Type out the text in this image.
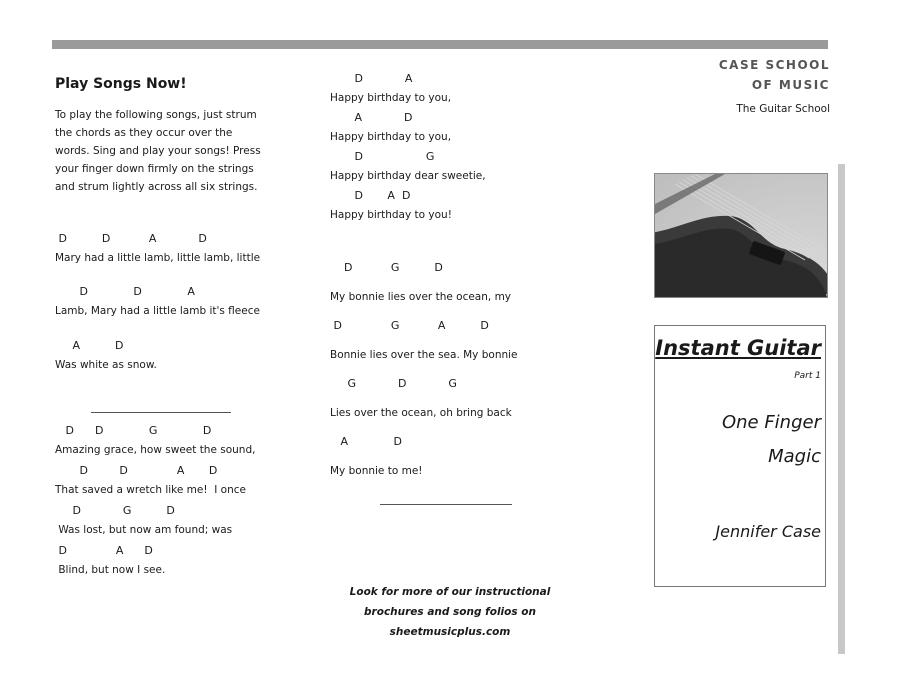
Play Songs Now!
To play the following songs, just strum
the chords as they occur over the
words. Sing and play your songs! Press
your finger down firmly on the strings
and strum lightly across all six strings.
D          D           A            D
Mary had a little lamb, little lamb, little
D             D             A
Lamb, Mary had a little lamb it's fleece
A          D
Was white as snow.
D      D             G             D
Amazing grace, how sweet the sound,
D         D              A       D
That saved a wretch like me!  I once
D            G          D
Was lost, but now am found; was
D              A      D
Blind, but now I see.
D            A
Happy birthday to you,
A            D
Happy birthday to you,
D                  G
Happy birthday dear sweetie,
D       A  D
Happy birthday to you!
D           G          D
My bonnie lies over the ocean, my
D              G           A          D
Bonnie lies over the sea. My bonnie
G            D            G
Lies over the ocean, oh bring back
A             D
My bonnie to me!
Look for more of our instructional
brochures and song folios on
sheetmusicplus.com
CASE SCHOOL
OF MUSIC
The Guitar School
Instant Guitar
Part 1
One Finger
Magic
Jennifer Case
